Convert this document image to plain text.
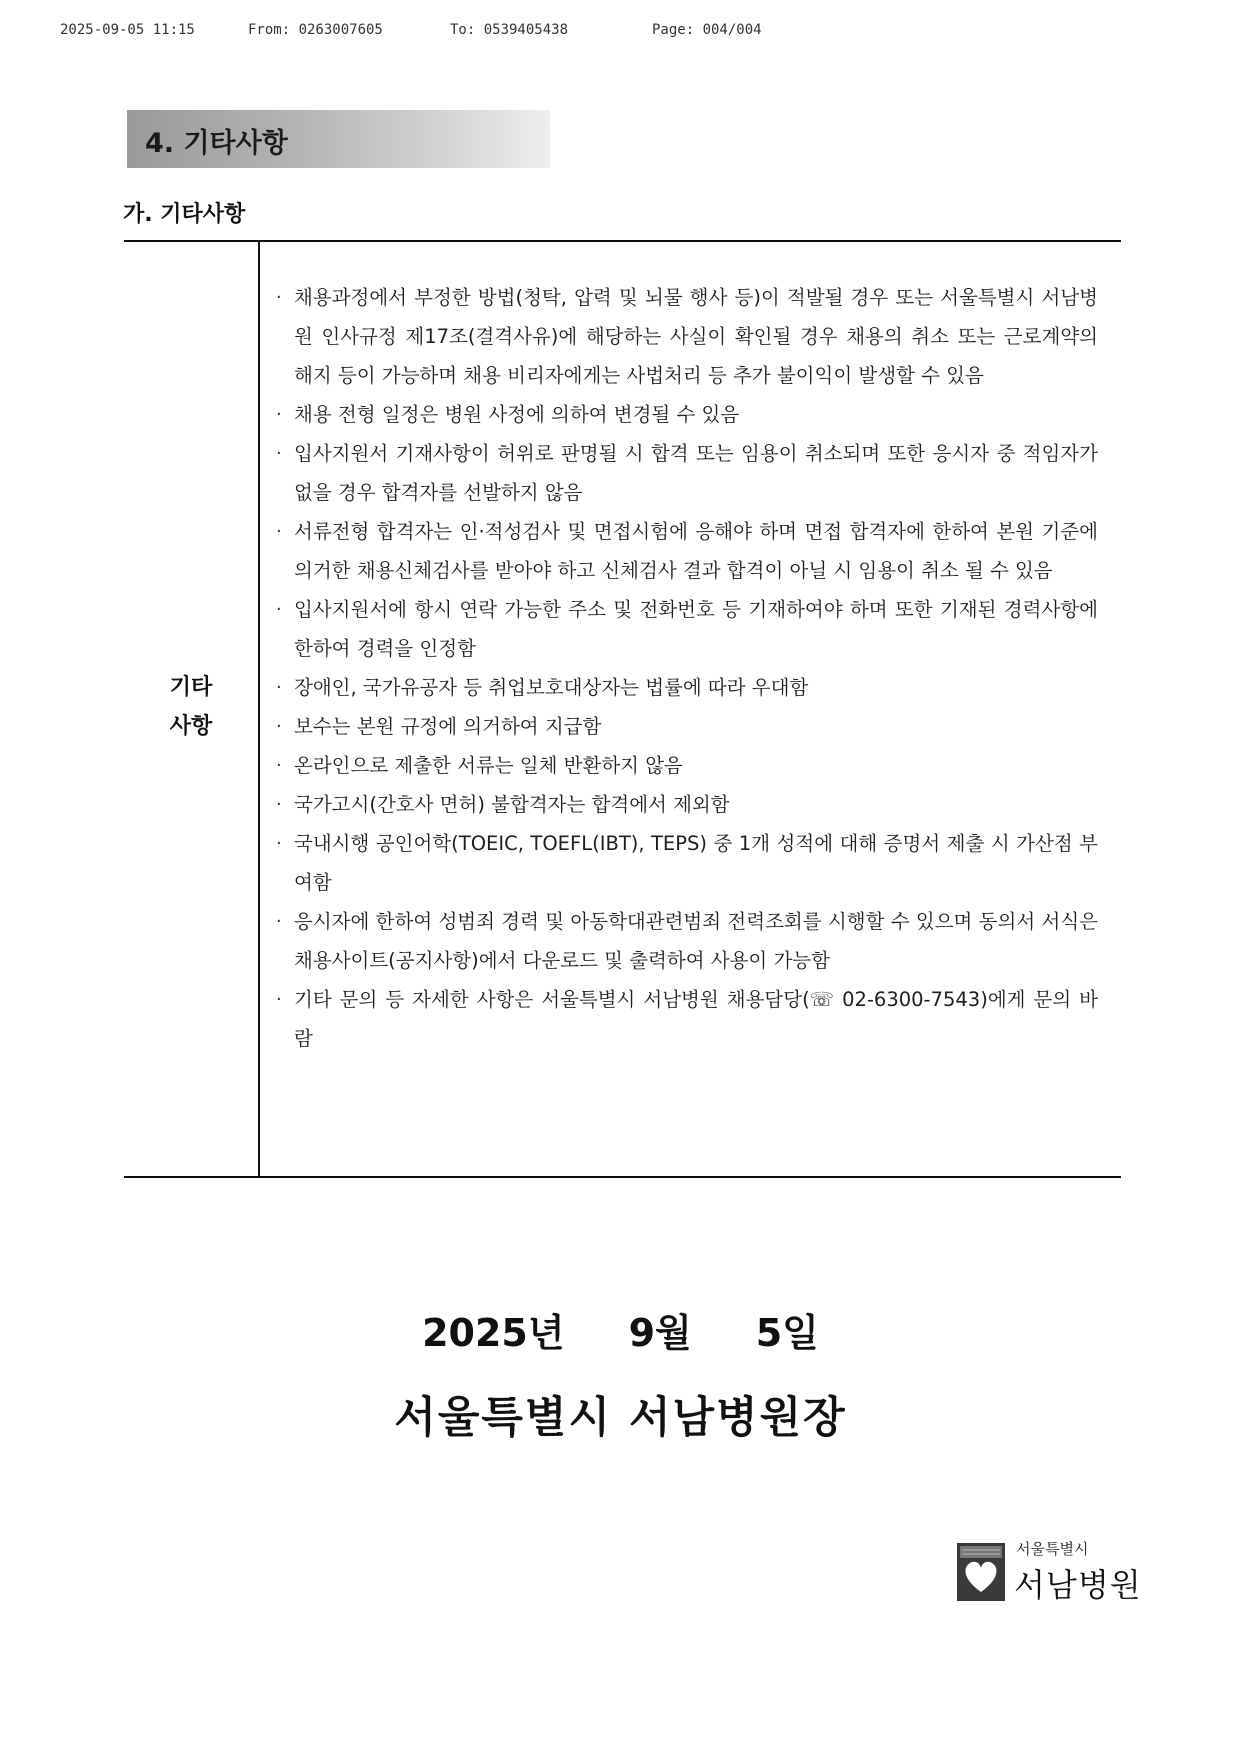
2025-09-05 11:15	From: 0263007605	To: 0539405438	Page: 004/004
4. 기타사항
가. 기타사항
기타
사항
· 채용과정에서 부정한 방법(청탁, 압력 및 뇌물 행사 등)이 적발될 경우 또는 서울특별시 서남병원 인사규정 제17조(결격사유)에 해당하는 사실이 확인될 경우 채용의 취소 또는 근로계약의 해지 등이 가능하며 채용 비리자에게는 사법처리 등 추가 불이익이 발생할 수 있음
· 채용 전형 일정은 병원 사정에 의하여 변경될 수 있음
· 입사지원서 기재사항이 허위로 판명될 시 합격 또는 임용이 취소되며 또한 응시자 중 적임자가 없을 경우 합격자를 선발하지 않음
· 서류전형 합격자는 인·적성검사 및 면접시험에 응해야 하며 면접 합격자에 한하여 본원 기준에 의거한 채용신체검사를 받아야 하고 신체검사 결과 합격이 아닐 시 임용이 취소 될 수 있음
· 입사지원서에 항시 연락 가능한 주소 및 전화번호 등 기재하여야 하며 또한 기재된 경력사항에 한하여 경력을 인정함
· 장애인, 국가유공자 등 취업보호대상자는 법률에 따라 우대함
· 보수는 본원 규정에 의거하여 지급함
· 온라인으로 제출한 서류는 일체 반환하지 않음
· 국가고시(간호사 면허) 불합격자는 합격에서 제외함
· 국내시행 공인어학(TOEIC, TOEFL(IBT), TEPS) 중 1개 성적에 대해 증명서 제출 시 가산점 부여함
· 응시자에 한하여 성범죄 경력 및 아동학대관련범죄 전력조회를 시행할 수 있으며 동의서 서식은 채용사이트(공지사항)에서 다운로드 및 출력하여 사용이 가능함
· 기타 문의 등 자세한 사항은 서울특별시 서남병원 채용담당(☏ 02-6300-7543)에게 문의 바람
2025년 9월 5일
서울특별시 서남병원장
서울특별시
서남병원
